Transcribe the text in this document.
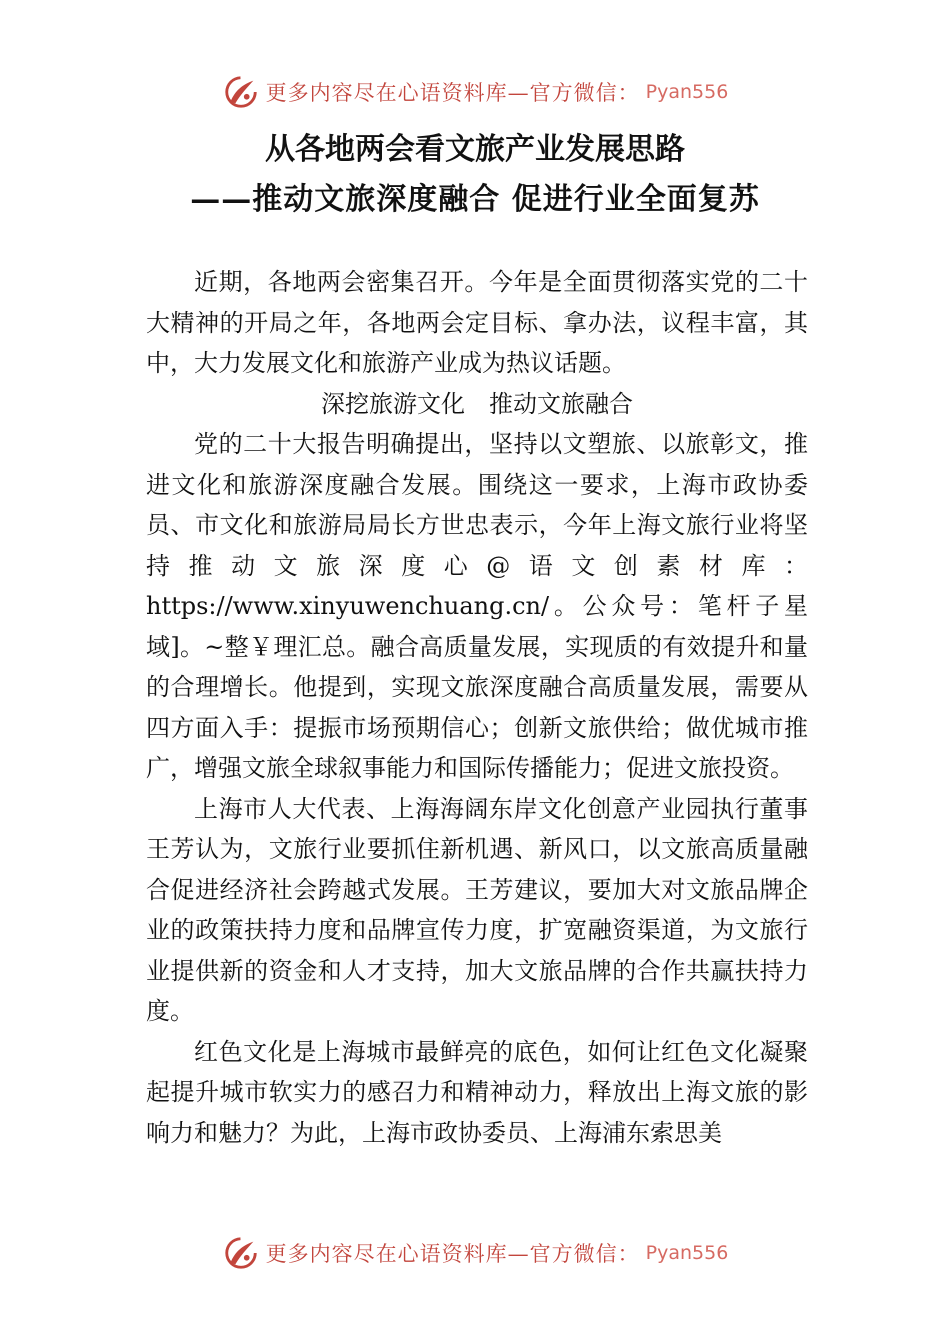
更多内容尽在心语资料库—官方微信： Pyan556
从各地两会看文旅产业发展思路
——推动文旅深度融合 促进行业全面复苏

近期，各地两会密集召开。今年是全面贯彻落实党的二十大精神的开局之年，各地两会定目标、拿办法，议程丰富，其中，大力发展文化和旅游产业成为热议话题。

深挖旅游文化　推动文旅融合

党的二十大报告明确提出，坚持以文塑旅、以旅彰文，推进文化和旅游深度融合发展。围绕这一要求，上海市政协委员、市文化和旅游局局长方世忠表示，今年上海文旅行业将坚持推动文旅深度心@语文创素材库：https://www.xinyuwenchuang.cn/。公众号：笔杆子星域]。~整￥理汇总。融合高质量发展，实现质的有效提升和量的合理增长。他提到，实现文旅深度融合高质量发展，需要从四方面入手：提振市场预期信心；创新文旅供给；做优城市推广，增强文旅全球叙事能力和国际传播能力；促进文旅投资。

上海市人大代表、上海海阔东岸文化创意产业园执行董事王芳认为，文旅行业要抓住新机遇、新风口，以文旅高质量融合促进经济社会跨越式发展。王芳建议，要加大对文旅品牌企业的政策扶持力度和品牌宣传力度，扩宽融资渠道，为文旅行业提供新的资金和人才支持，加大文旅品牌的合作共赢扶持力度。

红色文化是上海城市最鲜亮的底色，如何让红色文化凝聚起提升城市软实力的感召力和精神动力，释放出上海文旅的影响力和魅力？为此，上海市政协委员、上海浦东索思美

更多内容尽在心语资料库—官方微信： Pyan556
